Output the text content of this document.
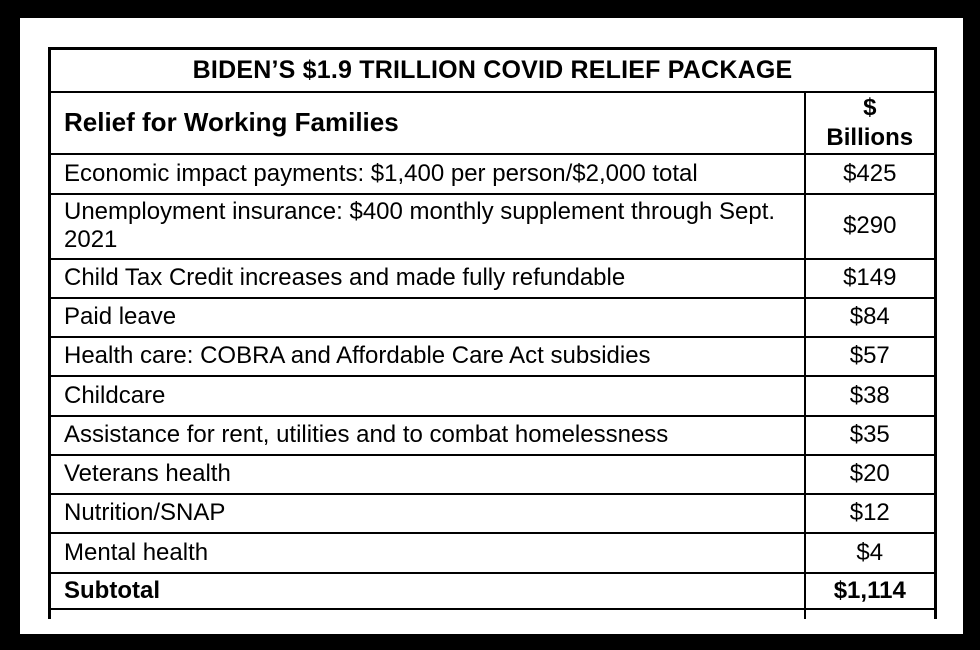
BIDEN’S $1.9 TRILLION COVID RELIEF PACKAGE	
Relief for Working Families	$
Billions

Economic impact payments: $1,400 per person/$2,000 total	$425
Unemployment insurance: $400 monthly supplement through Sept. 2021	$290
Child Tax Credit increases and made fully refundable	$149
Paid leave	$84
Health care: COBRA and Affordable Care Act subsidies	$57
Childcare	$38
Assistance for rent, utilities and to combat homelessness	$35
Veterans health	$20
Nutrition/SNAP	$12
Mental health	$4
Subtotal	$1,114
